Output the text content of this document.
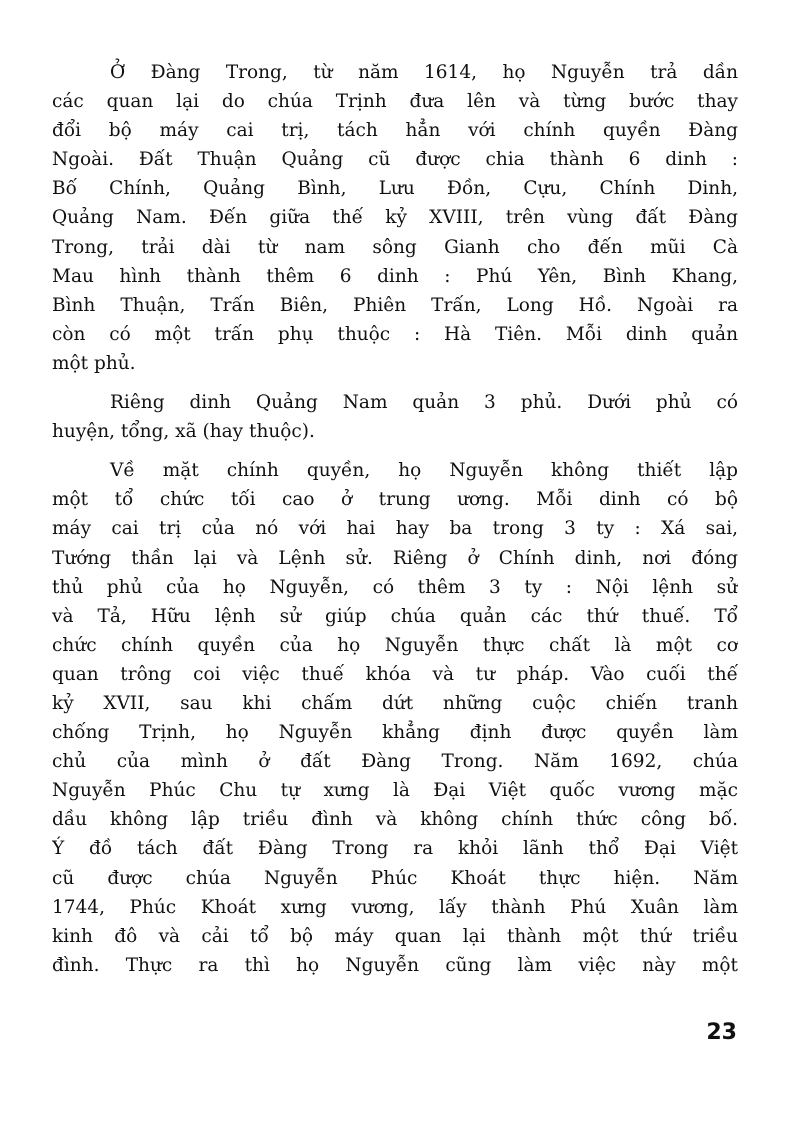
Ở Đàng Trong, từ năm 1614, họ Nguyễn trả dần
các quan lại do chúa Trịnh đưa lên và từng bước thay
đổi bộ máy cai trị, tách hẳn với chính quyền Đàng
Ngoài. Đất Thuận Quảng cũ được chia thành 6 dinh :
Bố Chính, Quảng Bình, Lưu Đồn, Cựu, Chính Dinh,
Quảng Nam. Đến giữa thế kỷ XVIII, trên vùng đất Đàng
Trong, trải dài từ nam sông Gianh cho đến mũi Cà
Mau hình thành thêm 6 dinh : Phú Yên, Bình Khang,
Bình Thuận, Trấn Biên, Phiên Trấn, Long Hồ. Ngoài ra
còn có một trấn phụ thuộc : Hà Tiên. Mỗi dinh quản
một phủ.

Riêng dinh Quảng Nam quản 3 phủ. Dưới phủ có
huyện, tổng, xã (hay thuộc).

Về mặt chính quyền, họ Nguyễn không thiết lập
một tổ chức tối cao ở trung ương. Mỗi dinh có bộ
máy cai trị của nó với hai hay ba trong 3 ty : Xá sai,
Tướng thần lại và Lệnh sử. Riêng ở Chính dinh, nơi đóng
thủ phủ của họ Nguyễn, có thêm 3 ty : Nội lệnh sử
và Tả, Hữu lệnh sử giúp chúa quản các thứ thuế. Tổ
chức chính quyền của họ Nguyễn thực chất là một cơ
quan trông coi việc thuế khóa và tư pháp. Vào cuối thế
kỷ XVII, sau khi chấm dứt những cuộc chiến tranh
chống Trịnh, họ Nguyễn khẳng định được quyền làm
chủ của mình ở đất Đàng Trong. Năm 1692, chúa
Nguyễn Phúc Chu tự xưng là Đại Việt quốc vương mặc
dầu không lập triều đình và không chính thức công bố.
Ý đồ tách đất Đàng Trong ra khỏi lãnh thổ Đại Việt
cũ được chúa Nguyễn Phúc Khoát thực hiện. Năm
1744, Phúc Khoát xưng vương, lấy thành Phú Xuân làm
kinh đô và cải tổ bộ máy quan lại thành một thứ triều
đình. Thực ra thì họ Nguyễn cũng làm việc này một

23
